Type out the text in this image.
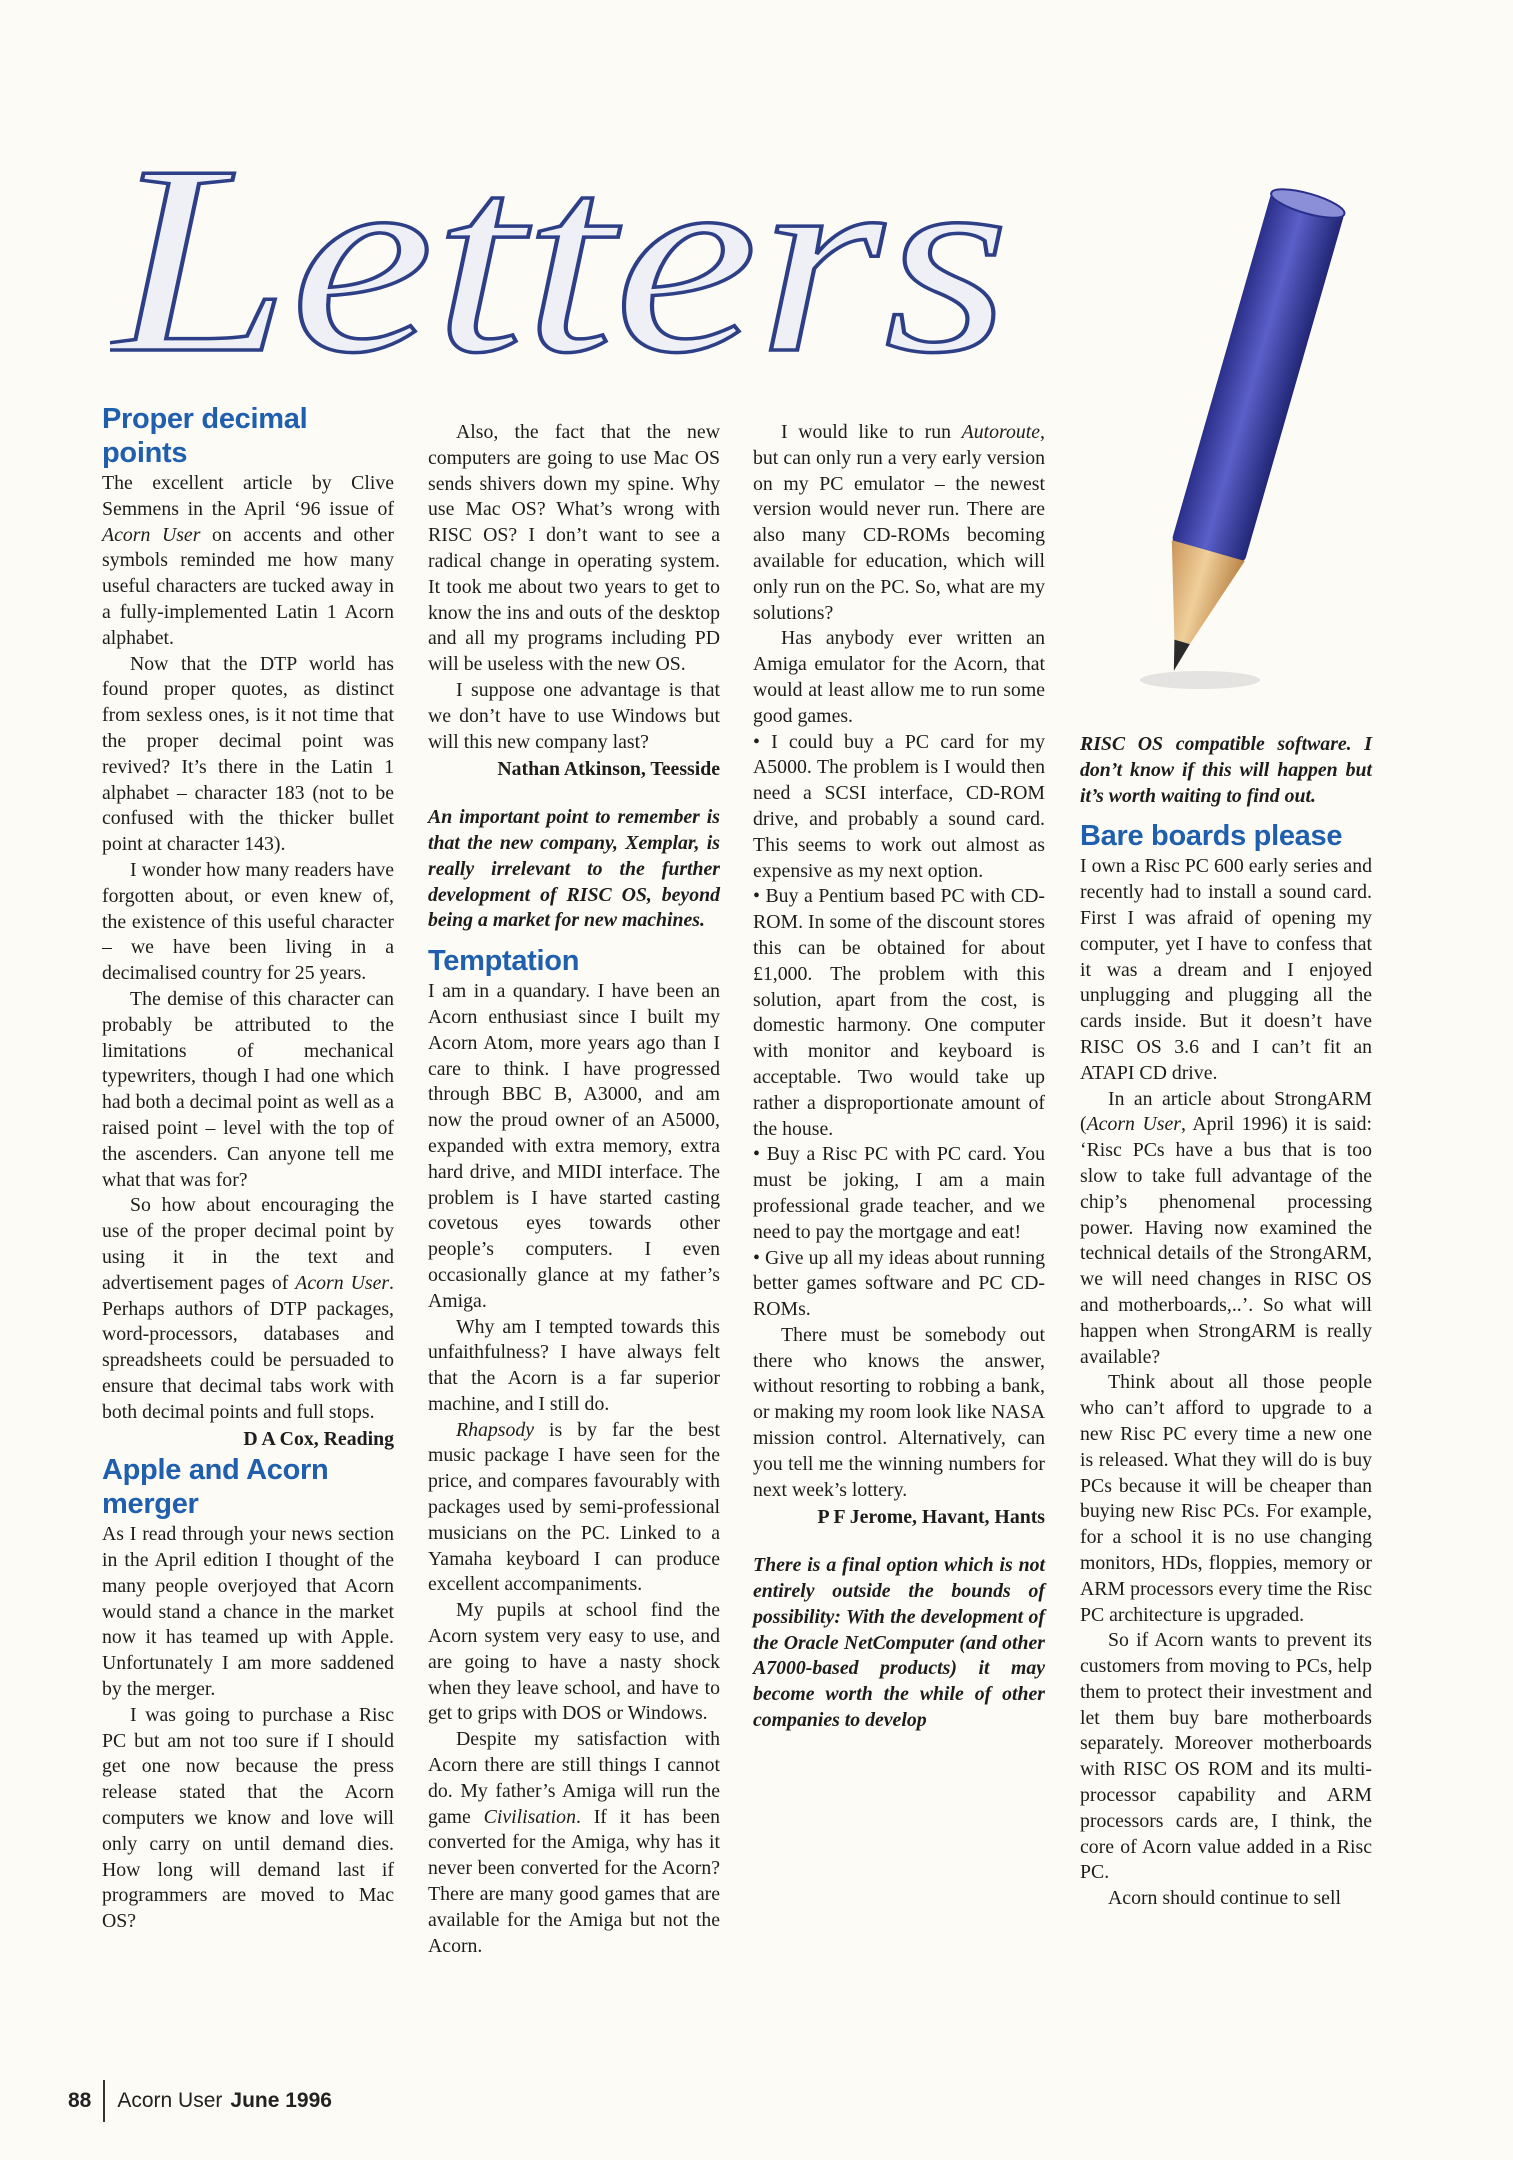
Letters
Proper decimal points

The excellent article by Clive Semmens in the April ‘96 issue of Acorn User on accents and other symbols reminded me how many useful characters are tucked away in a fully-implemented Latin 1 Acorn alphabet.

Now that the DTP world has found proper quotes, as distinct from sexless ones, is it not time that the proper decimal point was revived? It’s there in the Latin 1 alphabet – character 183 (not to be confused with the thicker bullet point at character 143).

I wonder how many readers have forgotten about, or even knew of, the existence of this useful character – we have been living in a decimalised country for 25 years.

The demise of this character can probably be attributed to the limitations of mechanical typewriters, though I had one which had both a decimal point as well as a raised point – level with the top of the ascenders. Can anyone tell me what that was for?

So how about encouraging the use of the proper decimal point by using it in the text and advertisement pages of Acorn User. Perhaps authors of DTP packages, word-processors, databases and spreadsheets could be persuaded to ensure that decimal tabs work with both decimal points and full stops.

D A Cox, Reading

Apple and Acorn merger

As I read through your news section in the April edition I thought of the many people overjoyed that Acorn would stand a chance in the market now it has teamed up with Apple. Unfortunately I am more saddened by the merger.

I was going to purchase a Risc PC but am not too sure if I should get one now because the press release stated that the Acorn computers we know and love will only carry on until demand dies. How long will demand last if programmers are moved to Mac OS?

Also, the fact that the new computers are going to use Mac OS sends shivers down my spine. Why use Mac OS? What’s wrong with RISC OS? I don’t want to see a radical change in operating system. It took me about two years to get to know the ins and outs of the desktop and all my programs including PD will be useless with the new OS.

I suppose one advantage is that we don’t have to use Windows but will this new company last?

Nathan Atkinson, Teesside

An important point to remember is that the new company, Xemplar, is really irrelevant to the further development of RISC OS, beyond being a market for new machines.

Temptation

I am in a quandary. I have been an Acorn enthusiast since I built my Acorn Atom, more years ago than I care to think. I have progressed through BBC B, A3000, and am now the proud owner of an A5000, expanded with extra memory, extra hard drive, and MIDI interface. The problem is I have started casting covetous eyes towards other people’s computers. I even occasionally glance at my father’s Amiga.

Why am I tempted towards this unfaithfulness? I have always felt that the Acorn is a far superior machine, and I still do.

Rhapsody is by far the best music package I have seen for the price, and compares favourably with packages used by semi-professional musicians on the PC. Linked to a Yamaha keyboard I can produce excellent accompaniments.

My pupils at school find the Acorn system very easy to use, and are going to have a nasty shock when they leave school, and have to get to grips with DOS or Windows.

Despite my satisfaction with Acorn there are still things I cannot do. My father’s Amiga will run the game Civilisation. If it has been converted for the Amiga, why has it never been converted for the Acorn? There are many good games that are available for the Amiga but not the Acorn.

I would like to run Autoroute, but can only run a very early version on my PC emulator – the newest version would never run. There are also many CD-ROMs becoming available for education, which will only run on the PC. So, what are my solutions?

Has anybody ever written an Amiga emulator for the Acorn, that would at least allow me to run some good games.

• I could buy a PC card for my A5000. The problem is I would then need a SCSI interface, CD-ROM drive, and probably a sound card. This seems to work out almost as expensive as my next option.

• Buy a Pentium based PC with CD-ROM. In some of the discount stores this can be obtained for about £1,000. The problem with this solution, apart from the cost, is domestic harmony. One computer with monitor and keyboard is acceptable. Two would take up rather a disproportionate amount of the house.

• Buy a Risc PC with PC card. You must be joking, I am a main professional grade teacher, and we need to pay the mortgage and eat!

• Give up all my ideas about running better games software and PC CD-ROMs.

There must be somebody out there who knows the answer, without resorting to robbing a bank, or making my room look like NASA mission control. Alternatively, can you tell me the winning numbers for next week’s lottery.

P F Jerome, Havant, Hants

There is a final option which is not entirely outside the bounds of possibility: With the development of the Oracle NetComputer (and other A7000-based products) it may become worth the while of other companies to develop

RISC OS compatible software. I don’t know if this will happen but it’s worth waiting to find out.

Bare boards please

I own a Risc PC 600 early series and recently had to install a sound card. First I was afraid of opening my computer, yet I have to confess that it was a dream and I enjoyed unplugging and plugging all the cards inside. But it doesn’t have RISC OS 3.6 and I can’t fit an ATAPI CD drive.

In an article about StrongARM (Acorn User, April 1996) it is said: ‘Risc PCs have a bus that is too slow to take full advantage of the chip’s phenomenal processing power. Having now examined the technical details of the StrongARM, we will need changes in RISC OS and motherboards,..’. So what will happen when StrongARM is really available?

Think about all those people who can’t afford to upgrade to a new Risc PC every time a new one is released. What they will do is buy PCs because it will be cheaper than buying new Risc PCs. For example, for a school it is no use changing monitors, HDs, floppies, memory or ARM processors every time the Risc PC architecture is upgraded.

So if Acorn wants to prevent its customers from moving to PCs, help them to protect their investment and let them buy bare motherboards separately. Moreover motherboards with RISC OS ROM and its multi-processor capability and ARM processors cards are, I think, the core of Acorn value added in a Risc PC.

Acorn should continue to sell

88 Acorn User June 1996
